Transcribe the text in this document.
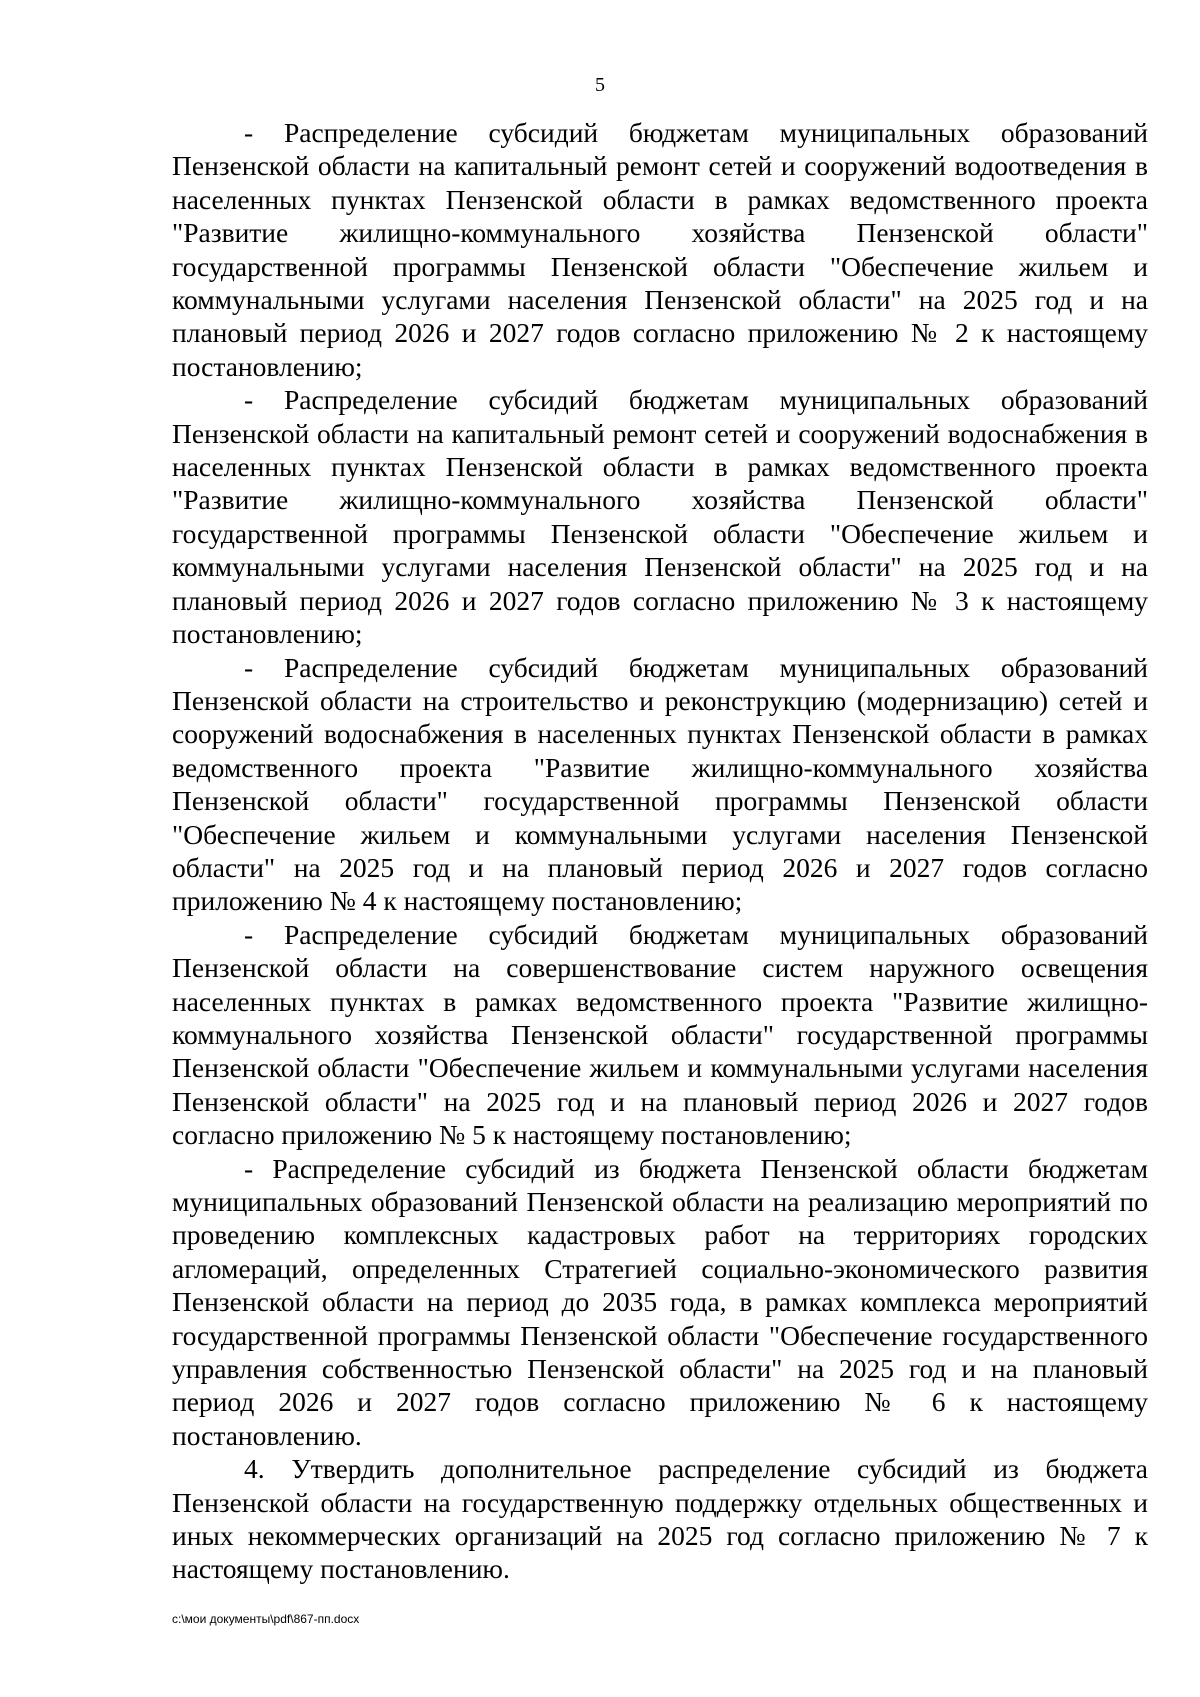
5

- Распределение субсидий бюджетам муниципальных образований Пензенской области на капитальный ремонт сетей и сооружений водоотведения в населенных пунктах Пензенской области в рамках ведомственного проекта "Развитие жилищно-коммунального хозяйства Пензенской области" государственной программы Пензенской области "Обеспечение жильем и коммунальными услугами населения Пензенской области" на 2025 год и на плановый период 2026 и 2027 годов согласно приложению № 2 к настоящему постановлению;

- Распределение субсидий бюджетам муниципальных образований Пензенской области на капитальный ремонт сетей и сооружений водоснабжения в населенных пунктах Пензенской области в рамках ведомственного проекта "Развитие жилищно-коммунального хозяйства Пензенской области" государственной программы Пензенской области "Обеспечение жильем и коммунальными услугами населения Пензенской области" на 2025 год и на плановый период 2026 и 2027 годов согласно приложению № 3 к настоящему постановлению;

- Распределение субсидий бюджетам муниципальных образований Пензенской области на строительство и реконструкцию (модернизацию) сетей и сооружений водоснабжения в населенных пунктах Пензенской области в рамках ведомственного проекта "Развитие жилищно-коммунального хозяйства Пензенской области" государственной программы Пензенской области "Обеспечение жильем и коммунальными услугами населения Пензенской области" на 2025 год и на плановый период 2026 и 2027 годов согласно приложению № 4 к настоящему постановлению;

- Распределение субсидий бюджетам муниципальных образований Пензенской области на совершенствование систем наружного освещения населенных пунктах в рамках ведомственного проекта "Развитие жилищно-коммунального хозяйства Пензенской области" государственной программы Пензенской области "Обеспечение жильем и коммунальными услугами населения Пензенской области" на 2025 год и на плановый период 2026 и 2027 годов согласно приложению № 5 к настоящему постановлению;

- Распределение субсидий из бюджета Пензенской области бюджетам муниципальных образований Пензенской области на реализацию мероприятий по проведению комплексных кадастровых работ на территориях городских агломераций, определенных Стратегией социально-экономического развития Пензенской области на период до 2035 года, в рамках комплекса мероприятий государственной программы Пензенской области "Обеспечение государственного управления собственностью Пензенской области" на 2025 год и на плановый период 2026 и 2027 годов согласно приложению № 6 к настоящему постановлению.

4. Утвердить дополнительное распределение субсидий из бюджета Пензенской области на государственную поддержку отдельных общественных и иных некоммерческих организаций на 2025 год согласно приложению № 7 к настоящему постановлению.

c:\мои документы\pdf\867-пп.docx
